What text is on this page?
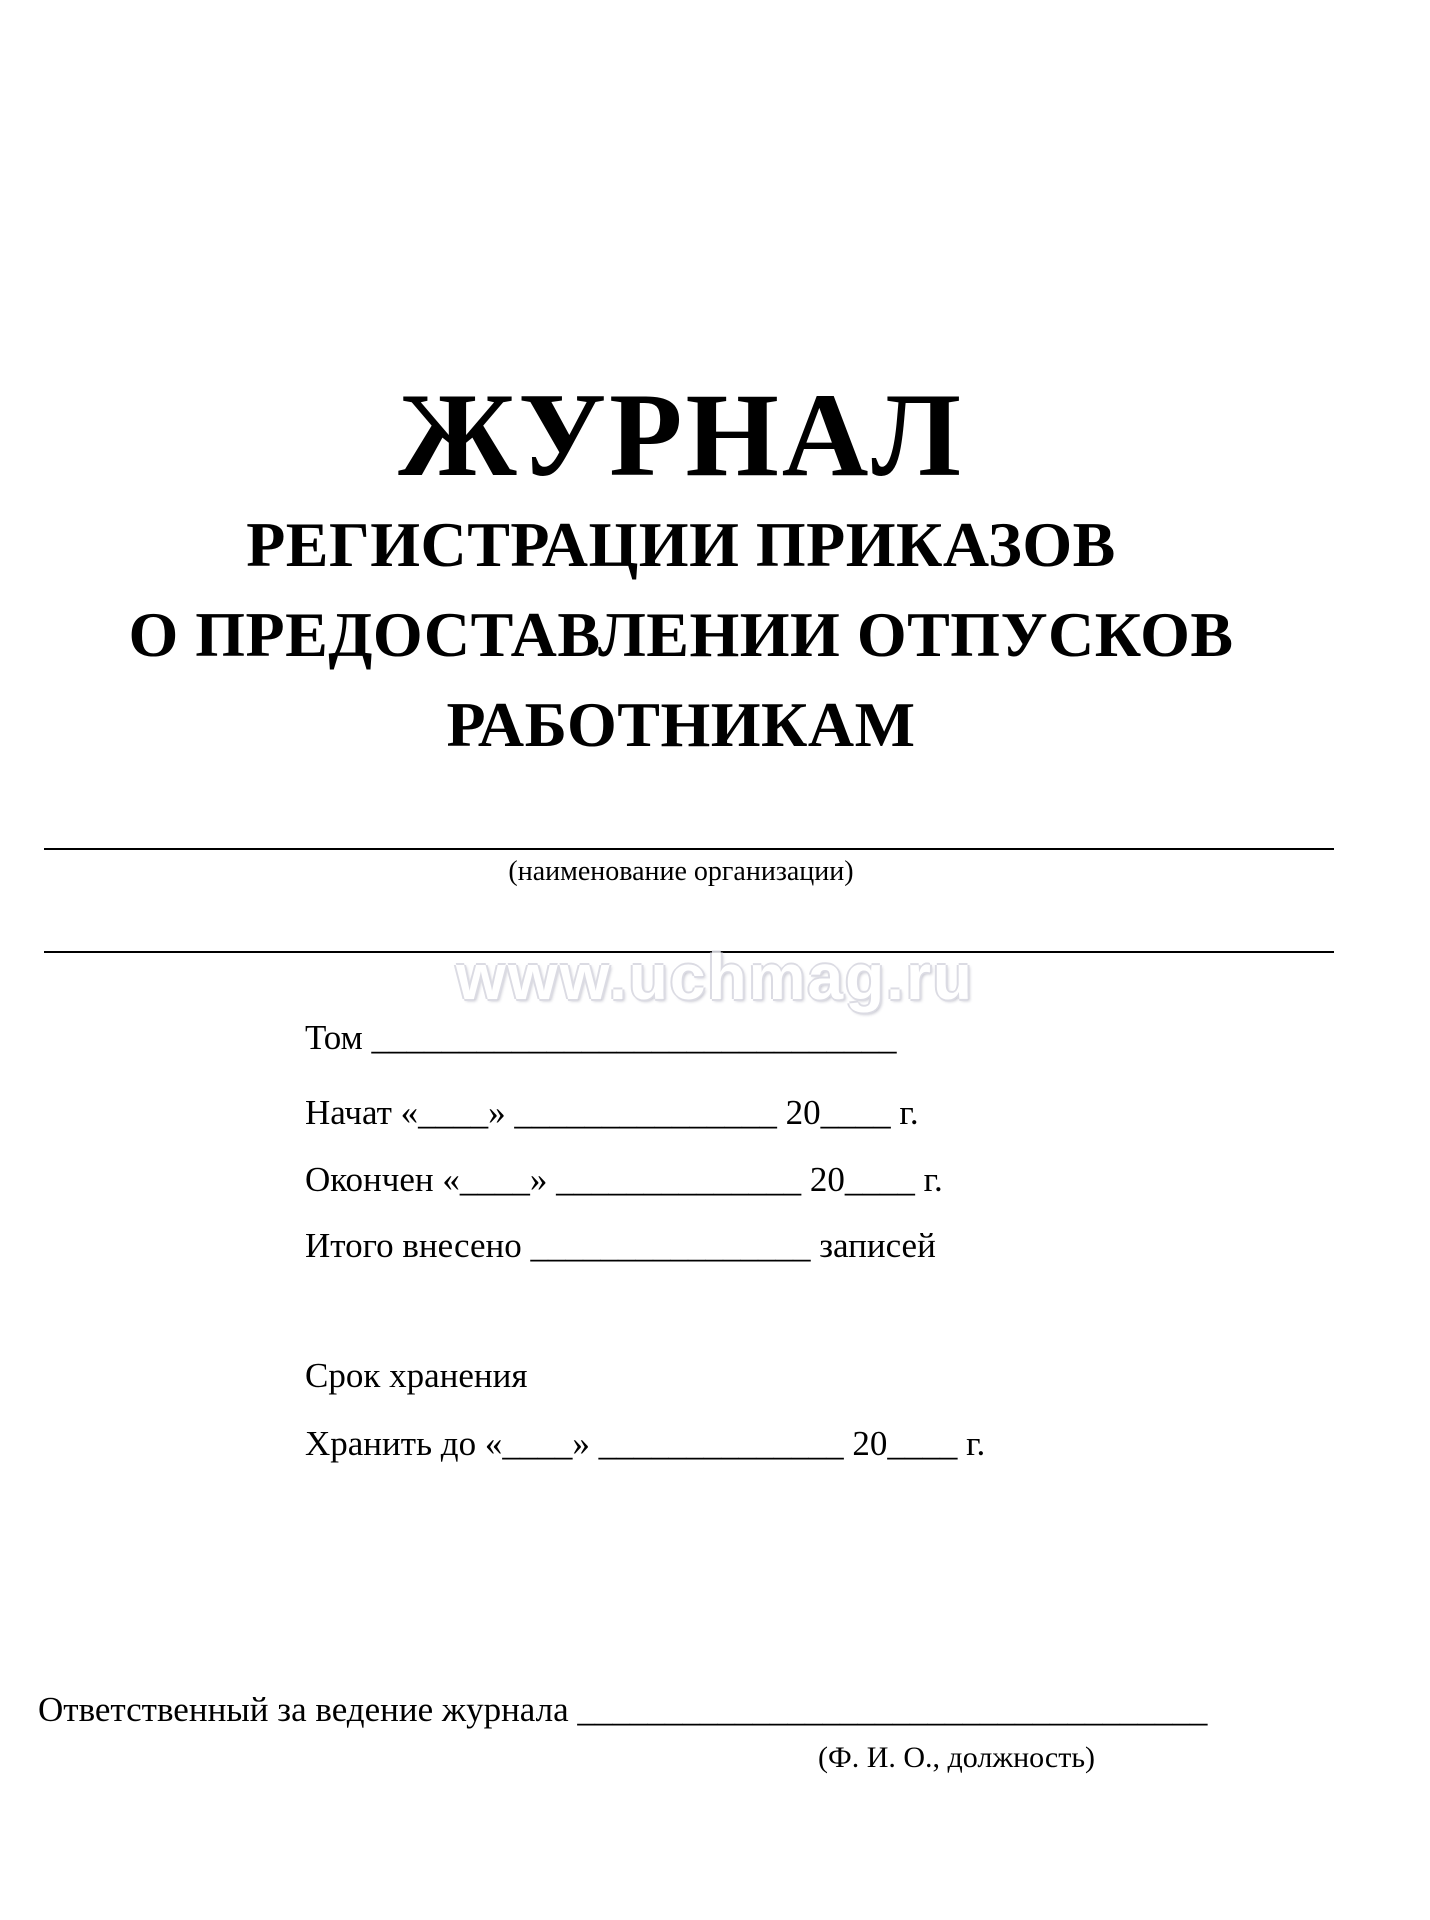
ЖУРНАЛ
РЕГИСТРАЦИИ ПРИКАЗОВ
О ПРЕДОСТАВЛЕНИИ ОТПУСКОВ
РАБОТНИКАМ
(наименование организации)
www.uchmag.ru
Том ______________________________
Начат «____» _______________ 20____ г.
Окончен «____» ______________ 20____ г.
Итого внесено ________________ записей
Срок хранения
Хранить до «____» ______________ 20____ г.
Ответственный за ведение журнала ____________________________________
(Ф. И. О., должность)
